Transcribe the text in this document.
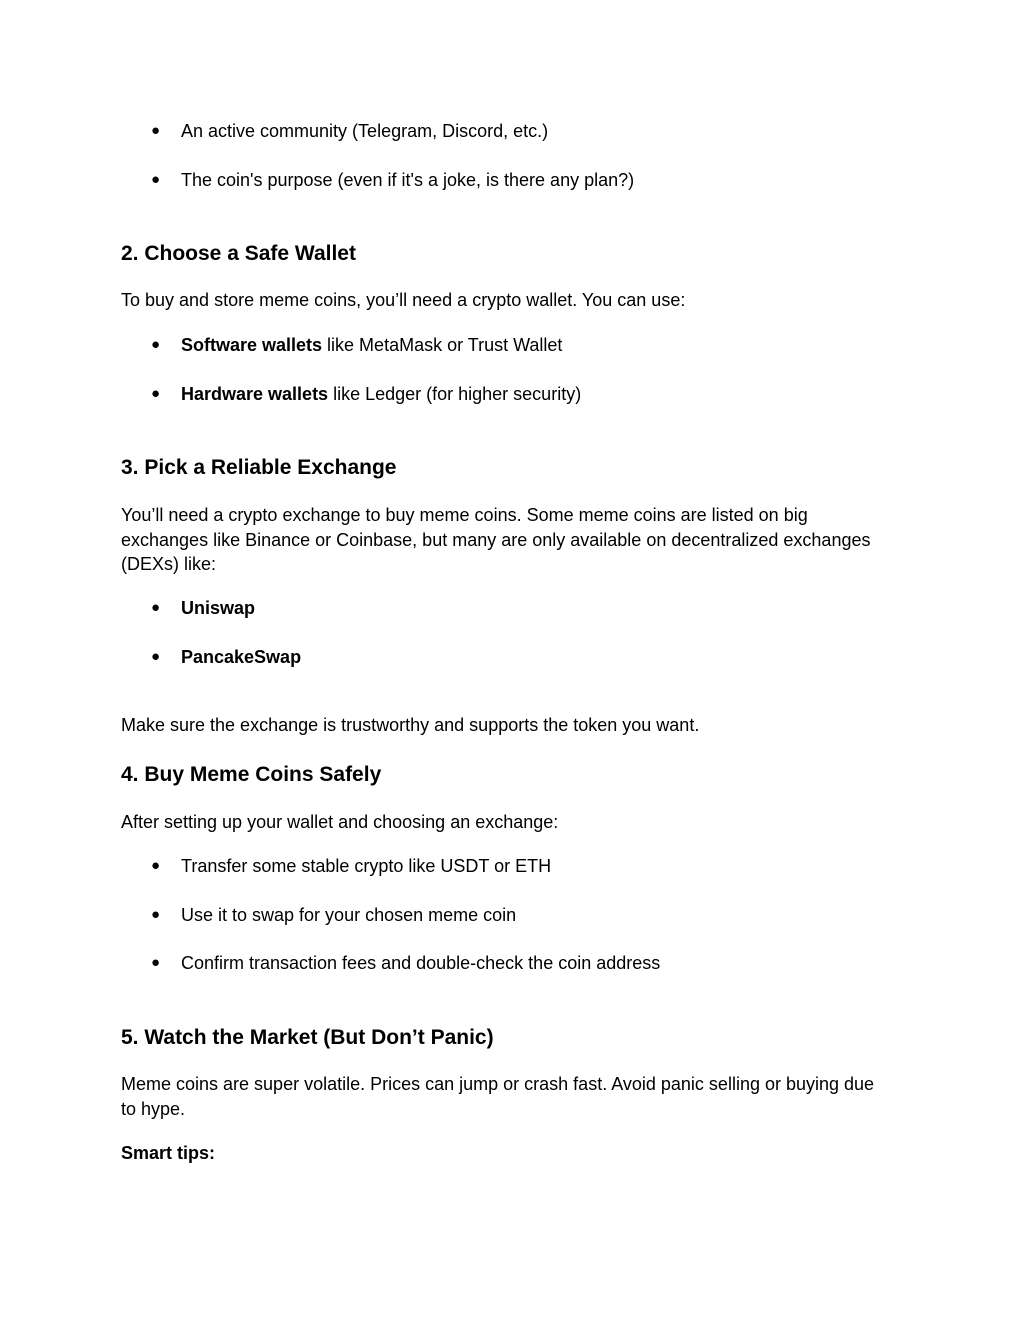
● An active community (Telegram, Discord, etc.)
● The coin's purpose (even if it's a joke, is there any plan?)
2. Choose a Safe Wallet
To buy and store meme coins, you’ll need a crypto wallet. You can use:
● Software wallets like MetaMask or Trust Wallet
● Hardware wallets like Ledger (for higher security)
3. Pick a Reliable Exchange
You’ll need a crypto exchange to buy meme coins. Some meme coins are listed on big
exchanges like Binance or Coinbase, but many are only available on decentralized exchanges
(DEXs) like:
● Uniswap
● PancakeSwap
Make sure the exchange is trustworthy and supports the token you want.
4. Buy Meme Coins Safely
After setting up your wallet and choosing an exchange:
● Transfer some stable crypto like USDT or ETH
● Use it to swap for your chosen meme coin
● Confirm transaction fees and double-check the coin address
5. Watch the Market (But Don’t Panic)
Meme coins are super volatile. Prices can jump or crash fast. Avoid panic selling or buying due
to hype.
Smart tips:
